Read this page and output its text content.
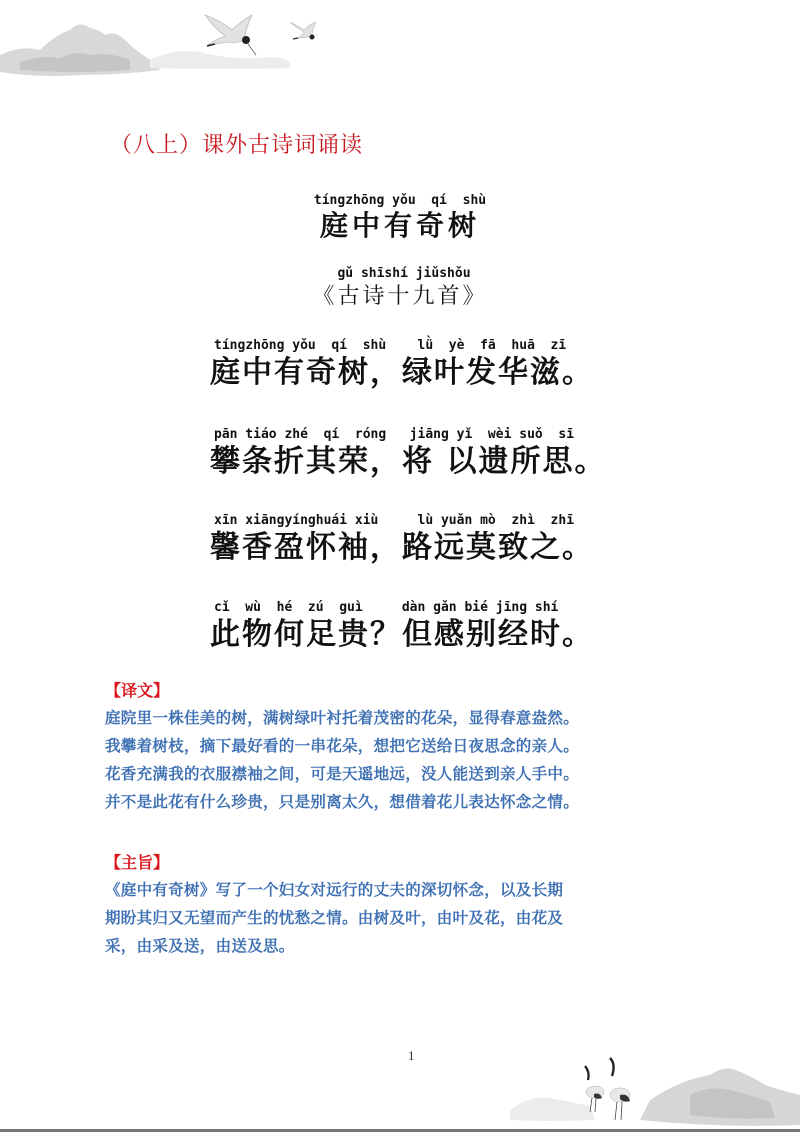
（八上）课外古诗词诵读
tíngzhōng yǒu  qí  shù
庭中有奇树
gǔ shīshí jiǔshǒu
《古诗十九首》
tíngzhōng yǒu  qí  shù    lǜ  yè  fā  huā  zī
庭中有奇树，绿叶发华滋。
pān tiáo zhé  qí  róng   jiāng yǐ  wèi suǒ  sī
攀条折其荣，将 以遗所思。
xīn xiāngyínghuái xiù     lù yuǎn mò  zhì  zhī
馨香盈怀袖，路远莫致之。
cǐ  wù  hé  zú  guì     dàn gǎn bié jīng shí
此物何足贵？但感别经时。
【译文】
庭院里一株佳美的树，满树绿叶衬托着茂密的花朵，显得春意盎然。
我攀着树枝，摘下最好看的一串花朵，想把它送给日夜思念的亲人。
花香充满我的衣服襟袖之间，可是天遥地远，没人能送到亲人手中。
并不是此花有什么珍贵，只是别离太久，想借着花儿表达怀念之情。
【主旨】
《庭中有奇树》写了一个妇女对远行的丈夫的深切怀念，以及长期
期盼其归又无望而产生的忧愁之情。由树及叶，由叶及花，由花及
采，由采及送，由送及思。
1
